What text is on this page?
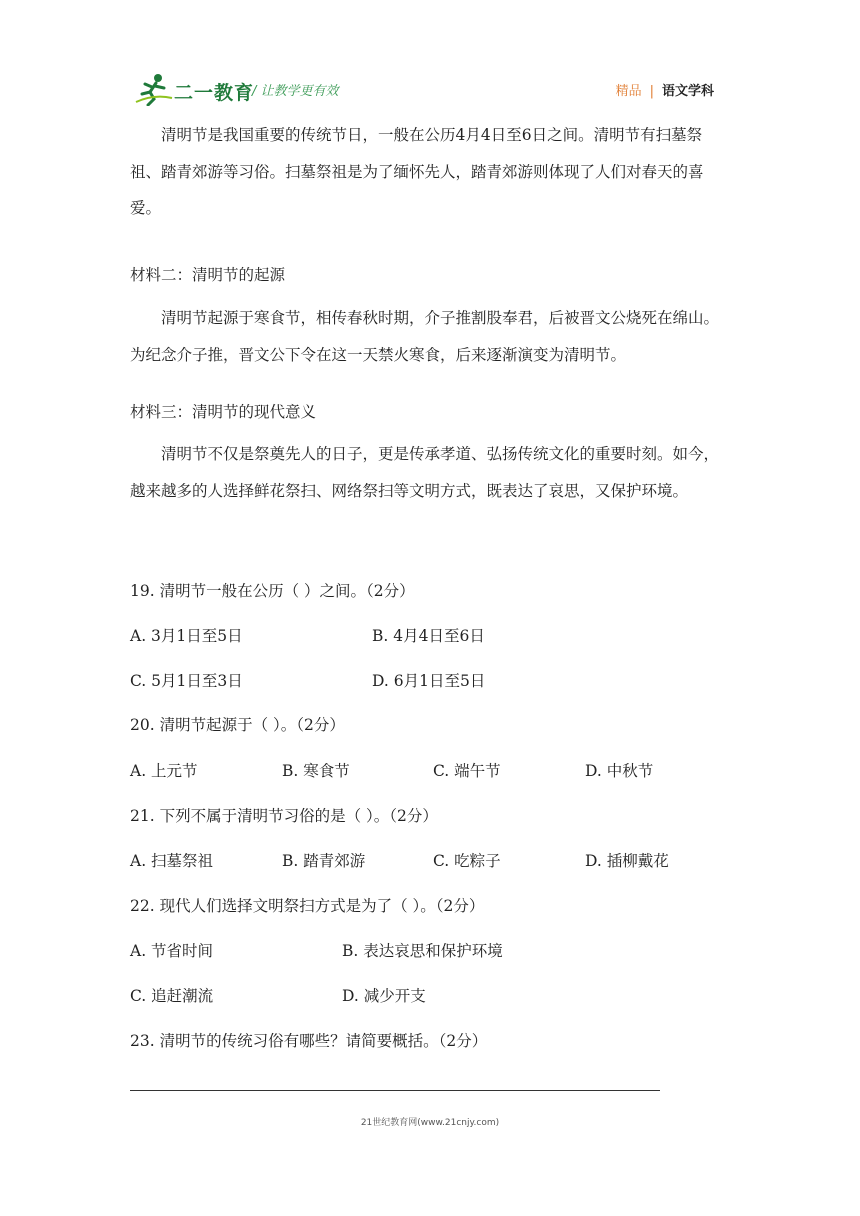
二一教育
/ 让教学更有效	精品 | 语文学科
清明节是我国重要的传统节日，一般在公历4月4日至6日之间。清明节有扫墓祭祖、踏青郊游等习俗。扫墓祭祖是为了缅怀先人，踏青郊游则体现了人们对春天的喜爱。
材料二：清明节的起源
清明节起源于寒食节，相传春秋时期，介子推割股奉君，后被晋文公烧死在绵山。为纪念介子推，晋文公下令在这一天禁火寒食，后来逐渐演变为清明节。
材料三：清明节的现代意义
清明节不仅是祭奠先人的日子，更是传承孝道、弘扬传统文化的重要时刻。如今，越来越多的人选择鲜花祭扫、网络祭扫等文明方式，既表达了哀思，又保护环境。
19. 清明节一般在公历（ ）之间。（2分）
A. 3月1日至5日	B. 4月4日至6日
C. 5月1日至3日	D. 6月1日至5日
20. 清明节起源于（ ）。（2分）
A. 上元节	B. 寒食节	C. 端午节	D. 中秋节
21. 下列不属于清明节习俗的是（ ）。（2分）
A. 扫墓祭祖	B. 踏青郊游	C. 吃粽子	D. 插柳戴花
22. 现代人们选择文明祭扫方式是为了（ ）。（2分）
A. 节省时间	B. 表达哀思和保护环境
C. 追赶潮流	D. 减少开支
23. 清明节的传统习俗有哪些？请简要概括。（2分）
21世纪教育网(www.21cnjy.com)
